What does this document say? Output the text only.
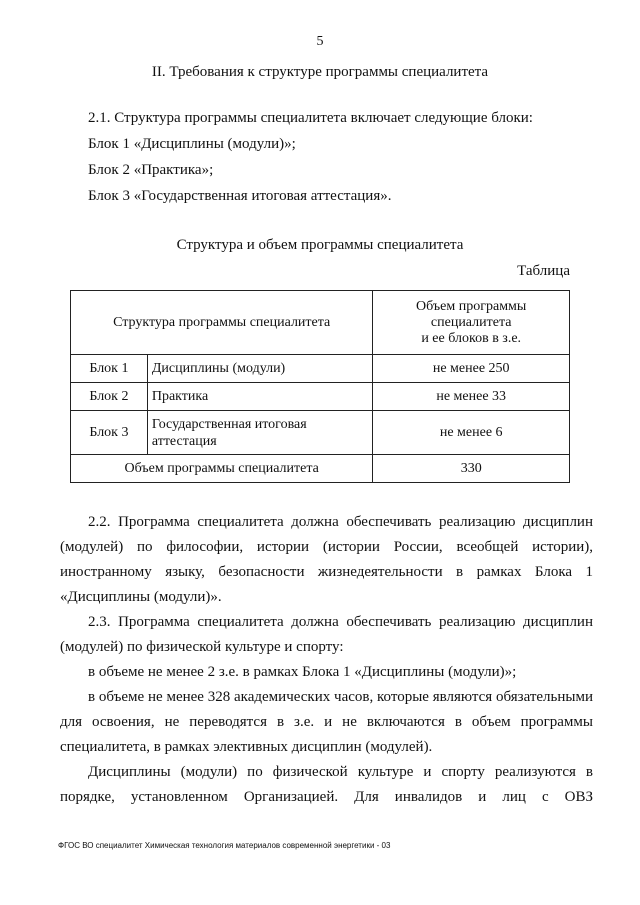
5
II. Требования к структуре программы специалитета
2.1. Структура программы специалитета включает следующие блоки:
Блок 1 «Дисциплины (модули)»;
Блок 2 «Практика»;
Блок 3 «Государственная итоговая аттестация».
Структура и объем программы специалитета
Таблица
Структура программы специалитета		Объем программы
специалитета
и ее блоков в з.е.

Блок 1	Дисциплины (модули)	не менее 250
Блок 2	Практика	не менее 33
Блок 3	Государственная итоговая аттестация	не менее 6
Объем программы специалитета		330

2.2. Программа специалитета должна обеспечивать реализацию дисциплин (модулей) по философии, истории (истории России, всеобщей истории), иностранному языку, безопасности жизнедеятельности в рамках Блока 1 «Дисциплины (модули)».

2.3. Программа специалитета должна обеспечивать реализацию дисциплин (модулей) по физической культуре и спорту:

в объеме не менее 2 з.е. в рамках Блока 1 «Дисциплины (модули)»;

в объеме не менее 328 академических часов, которые являются обязательными для освоения, не переводятся в з.е. и не включаются в объем программы специалитета, в рамках элективных дисциплин (модулей).

Дисциплины (модули) по физической культуре и спорту реализуются в порядке, установленном Организацией. Для инвалидов и лиц с ОВЗ

ФГОС ВО специалитет Химическая технология материалов современной энергетики - 03
